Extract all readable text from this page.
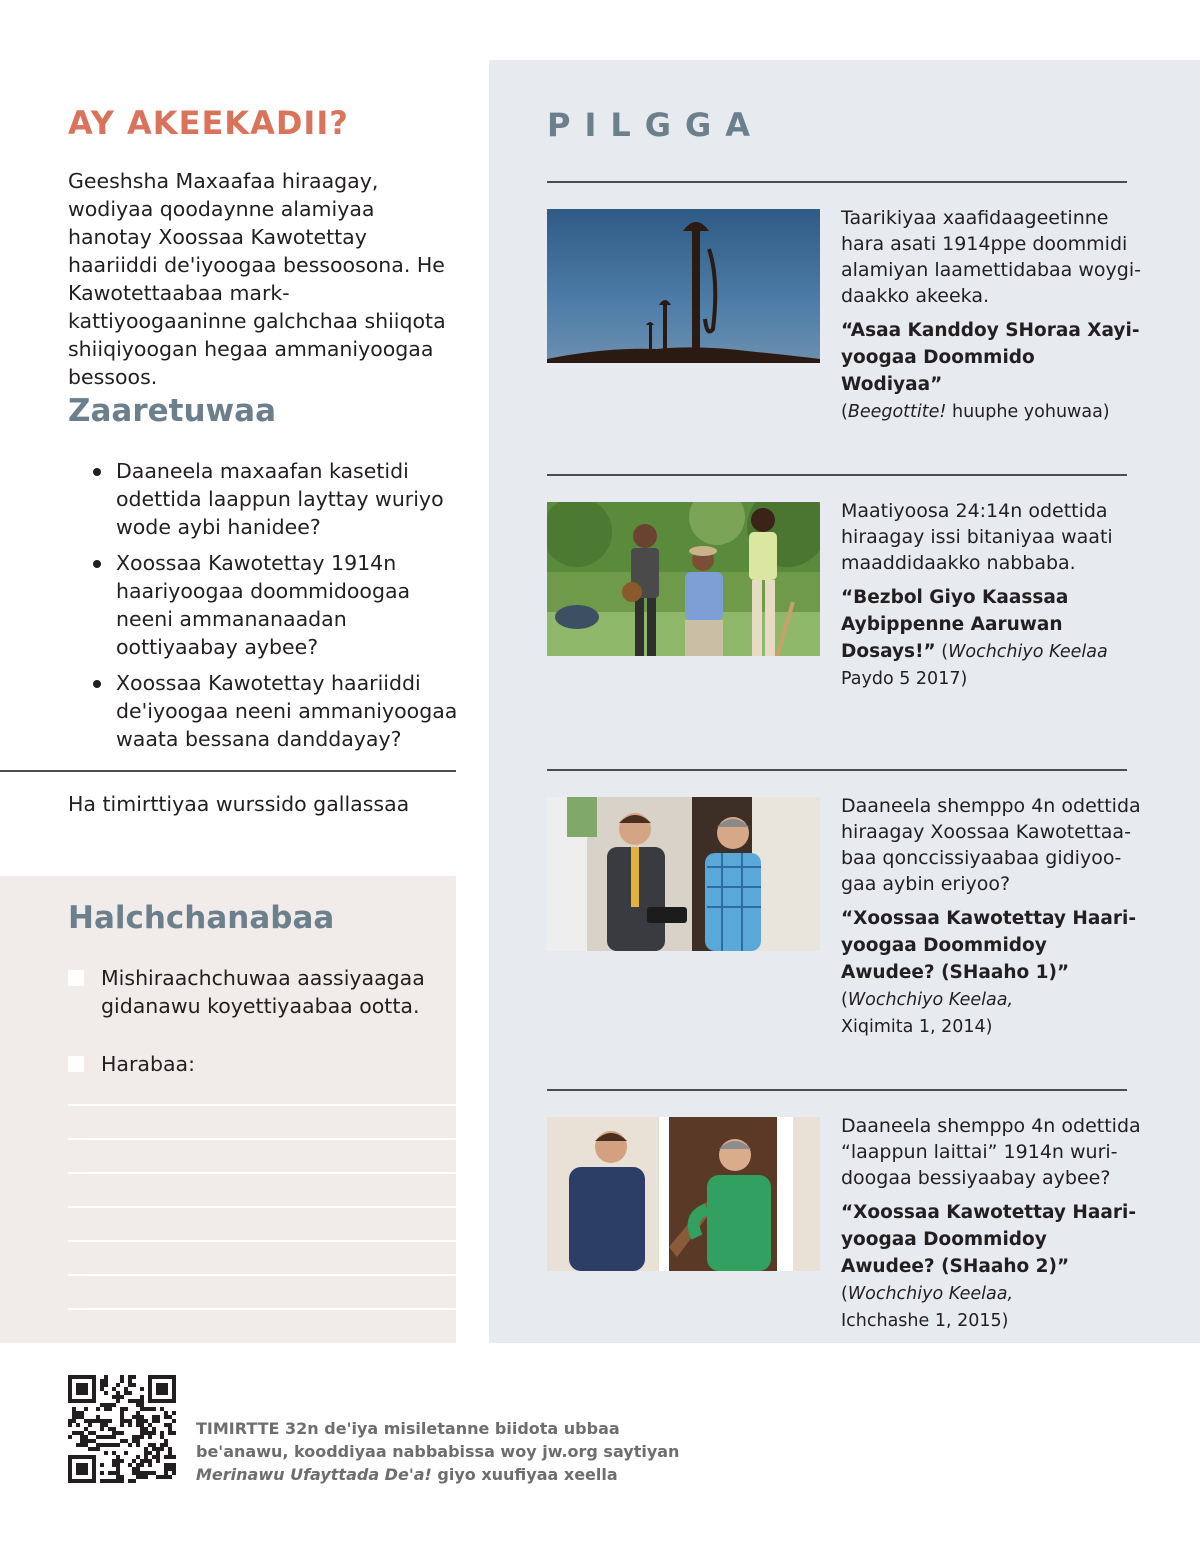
AY AKEEKADII?

Geeshsha Maxaafaa hiraagay, wodiyaa qoodaynne alamiyaa hanotay Xoossaa Kawotettay haariiddi de'iyoogaa bessoosona. He Kawotettaabaa markkattiyoogaaninne galchchaa shiiqota shiiqiyoogan hegaa ammaniyoogaa bessoos.

Zaaretuwaa
Daaneela maxaafan kasetidi odettida laappun layttay wuriyo wode aybi hanidee?
Xoossaa Kawotettay 1914n haariyoogaa doommidoogaa neeni ammananaadan oottiyaabay aybee?
Xoossaa Kawotettay haariiddi de'iyoogaa neeni ammaniyoogaa waata bessana danddayay?

Ha timirttiyaa wurssido gallassaa

Halchchanabaa
Mishiraachchuwaa aassiyaagaa gidanawu koyettiyaabaa ootta.
Harabaa:
PILGGA
Taarikiyaa xaafidaageetinne hara asati 1914ppe doommidi alamiyan laamettidabaa woygidaakko akeeka.
“Asaa Kanddoy SHoraa Xayiyoogaa Doommido Wodiyaa”
(Beegottite! huuphe yohuwaa)
Maatiyoosa 24:14n odettida hiraagay issi bitaniyaa waati maaddidaakko nabbaba.
“Bezbol Giyo Kaassaa Aybippenne Aaruwan Dosays!” (Wochchiyo Keelaa
Paydo 5 2017)
Daaneela shemppo 4n odettida hiraagay Xoossaa Kawotettaabaa qonccissiyaabaa gidiyoogaa aybin eriyoo?
“Xoossaa Kawotettay Haariyoogaa Doommidoy Awudee? (SHaaho 1)” (Wochchiyo Keelaa,
Xiqimita 1, 2014)
Daaneela shemppo 4n odettida “laappun laittai” 1914n wuridoogaa bessiyaabay aybee?
“Xoossaa Kawotettay Haariyoogaa Doommidoy Awudee? (SHaaho 2)” (Wochchiyo Keelaa,
Ichchashe 1, 2015)

TIMIRTTE 32n de'iya misiletanne biidota ubbaa be'anawu, kooddiyaa nabbabissa woy jw.org saytiyan Merinawu Ufayttada De'a! giyo xuufiyaa xeella
